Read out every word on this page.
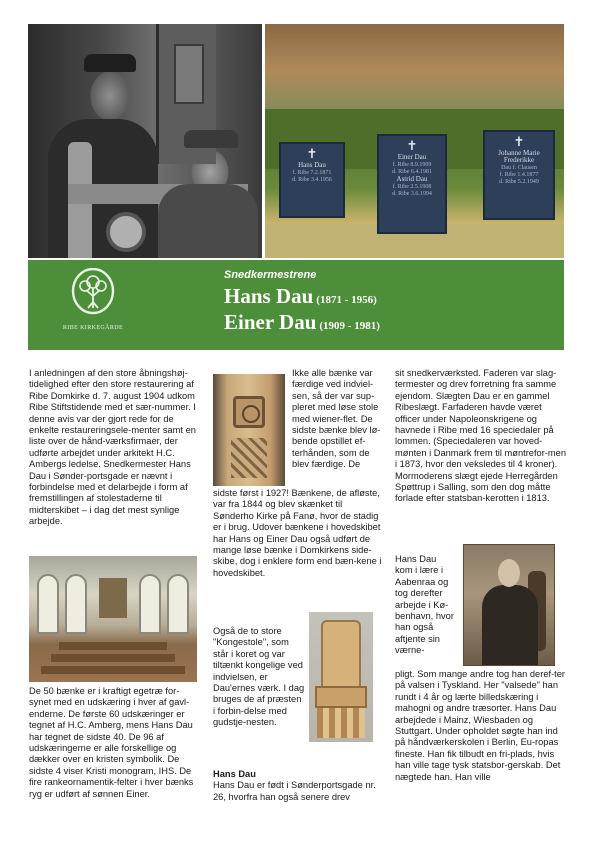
✝
Hans Dau
f. Ribe 7.2.1871
d. Ribe 3.4.1956
✝
Einer Dau
f. Ribe 8.9.1909
d. Ribe 6.4.1981
Astrid Dau
f. Ribe 2.5.1908
d. Ribe 3.6.1994
✝
Johanne Marie Frederikke
Dau f. Clausen
f. Ribe 1.4.1877
d. Ribe 5.2.1949
RIBE KIRKEGÅRDE
Snedkermestrene
Hans Dau (1871 - 1956)
Einer Dau (1909 - 1981)

I anledningen af den store åbningshøj-tidelighed efter den store restaurering af Ribe Domkirke d. 7. august 1904 udkom Ribe Stiftstidende med et sær-nummer. I denne avis var der gjort rede for de enkelte restaureringsele-menter samt en liste over de hånd-værksfirmaer, der udførte arbejdet under arkitekt H.C. Ambergs ledelse. Snedkermester Hans Dau i Sønder-portsgade er nævnt i forbindelse med et delarbejde i form af fremstillingen af stolestaderne til midterskibet – i dag det mest synlige arbejde.

De 50 bænke er i kraftigt egetræ for-synet med en udskæring i hver af gavl-enderne. De første 60 udskæringer er tegnet af H.C. Amberg, mens Hans Dau har tegnet de sidste 40. De 96 af udskæringerne er alle forskellige og dækker over en kristen symbolik. De sidste 4 viser Kristi monogram, IHS. De fire rankeornamentik-felter i hver bænks ryg er udført af sønnen Einer.

Ikke alle bænke var færdige ved indviel-sen, så der var sup-pleret med løse stole med wiener-flet. De sidste bænke blev lø-bende opstillet ef-terhånden, som de blev færdige. De

sidste først i 1927! Bænkene, de afløste, var fra 1844 og blev skænket til Sønderho Kirke på Fanø, hvor de stadig er i brug. Udover bænkene i hovedskibet har Hans og Einer Dau også udført de mange løse bænke i Domkirkens side-skibe, dog i enklere form end bæn-kene i hovedskibet.

Også de to store "Kongestole", som står i koret og var tiltænkt kongelige ved indvielsen, er Dau'ernes værk. I dag bruges de af præsten i forbin-delse med gudstje-nesten.

Hans Dau

Hans Dau er født i Sønderportsgade nr. 26, hvorfra han også senere drev

sit snedkerværksted. Faderen var slag-termester og drev forretning fra samme ejendom. Slægten Dau er en gammel Ribeslægt. Farfaderen havde været officer under Napoleonskrigene og havnede i Ribe med 16 speciedaler på lommen. (Speciedaleren var hoved-mønten i Danmark frem til møntrefor-men i 1873, hvor den veksledes til 4 kroner). Mormoderens slægt ejede Herregården Spøttrup i Salling, som den dog måtte forlade efter statsban-kerotten i 1813.

Hans Dau kom i lære i Aabenraa og tog derefter arbejde i Kø-benhavn, hvor han også aftjente sin værne-

pligt. Som mange andre tog han deref-ter på valsen i Tyskland. Her "valsede" han rundt i 4 år og lærte billedskæring i mahogni og andre træsorter. Hans Dau arbejdede i Mainz, Wiesbaden og Stuttgart. Under opholdet søgte han ind på håndværkerskolen i Berlin, Eu-ropas fineste. Han fik tilbudt en fri-plads, hvis han ville tage tysk statsbor-gerskab. Det nægtede han. Han ville
